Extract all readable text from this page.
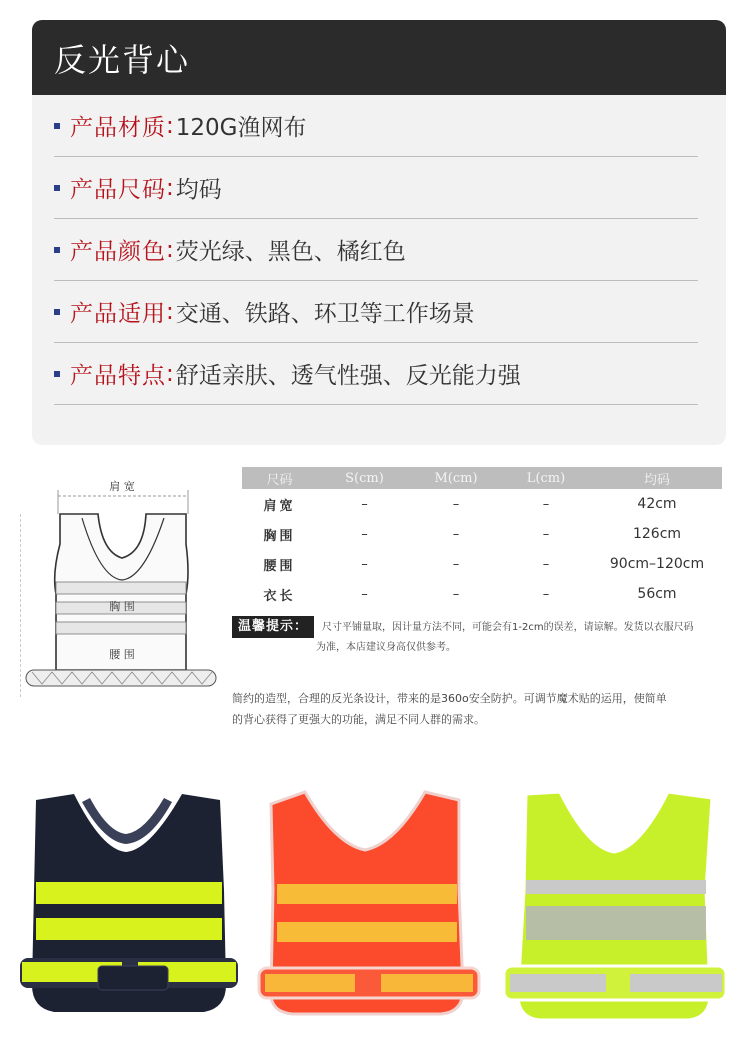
反光背心
产品材质 : 120G渔网布
产品尺码 : 均码
产品颜色 : 荧光绿、黑色、橘红色
产品适用 : 交通、铁路、环卫等工作场景
产品特点 : 舒适亲肤、透气性强、反光能力强
肩 宽
胸 围
腰 围
尺码	S(cm)	M(cm)	L(cm)	均码
肩宽	–	–	–	42cm
胸围	–	–	–	126cm
腰围	–	–	–	90cm–120cm
衣长	–	–	–	56cm
温馨提示： 尺寸平铺量取，因计量方法不同，可能会有1-2cm的误差，请谅解。发货以衣服尺码
为准，本店建议身高仅供参考。
简约的造型，合理的反光条设计，带来的是360o安全防护。可调节魔术贴的运用，使简单
的背心获得了更强大的功能，满足不同人群的需求。
